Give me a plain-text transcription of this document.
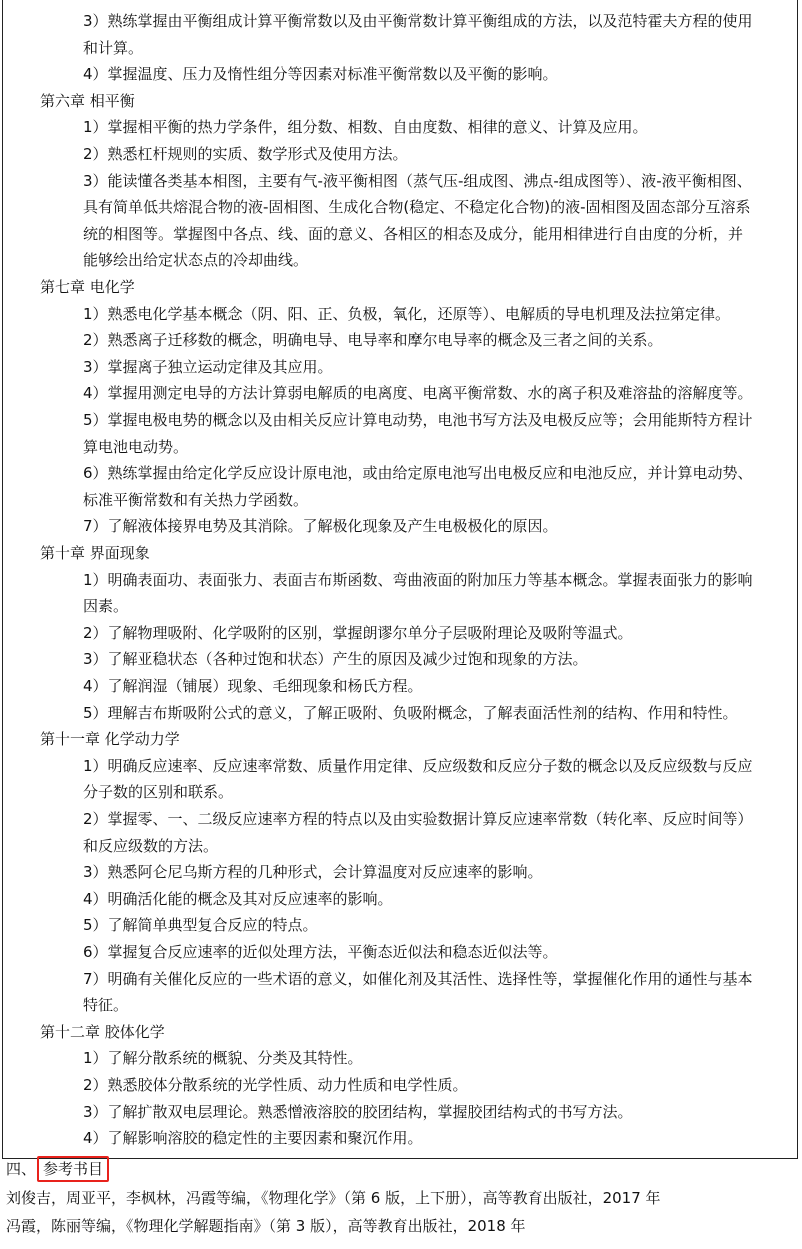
3）熟练掌握由平衡组成计算平衡常数以及由平衡常数计算平衡组成的方法，以及范特霍夫方程的使用
和计算。
4）掌握温度、压力及惰性组分等因素对标准平衡常数以及平衡的影响。
第六章 相平衡
1）掌握相平衡的热力学条件，组分数、相数、自由度数、相律的意义、计算及应用。
2）熟悉杠杆规则的实质、数学形式及使用方法。
3）能读懂各类基本相图，主要有气-液平衡相图（蒸气压-组成图、沸点-组成图等）、液-液平衡相图、
具有简单低共熔混合物的液-固相图、生成化合物(稳定、不稳定化合物)的液-固相图及固态部分互溶系
统的相图等。掌握图中各点、线、面的意义、各相区的相态及成分，能用相律进行自由度的分析，并
能够绘出给定状态点的冷却曲线。
第七章 电化学
1）熟悉电化学基本概念（阴、阳、正、负极，氧化，还原等）、电解质的导电机理及法拉第定律。
2）熟悉离子迁移数的概念，明确电导、电导率和摩尔电导率的概念及三者之间的关系。
3）掌握离子独立运动定律及其应用。
4）掌握用测定电导的方法计算弱电解质的电离度、电离平衡常数、水的离子积及难溶盐的溶解度等。
5）掌握电极电势的概念以及由相关反应计算电动势，电池书写方法及电极反应等；会用能斯特方程计
算电池电动势。
6）熟练掌握由给定化学反应设计原电池，或由给定原电池写出电极反应和电池反应，并计算电动势、
标准平衡常数和有关热力学函数。
7）了解液体接界电势及其消除。了解极化现象及产生电极极化的原因。
第十章 界面现象
1）明确表面功、表面张力、表面吉布斯函数、弯曲液面的附加压力等基本概念。掌握表面张力的影响
因素。
2）了解物理吸附、化学吸附的区别，掌握朗谬尔单分子层吸附理论及吸附等温式。
3）了解亚稳状态（各种过饱和状态）产生的原因及减少过饱和现象的方法。
4）了解润湿（铺展）现象、毛细现象和杨氏方程。
5）理解吉布斯吸附公式的意义，了解正吸附、负吸附概念，了解表面活性剂的结构、作用和特性。
第十一章 化学动力学
1）明确反应速率、反应速率常数、质量作用定律、反应级数和反应分子数的概念以及反应级数与反应
分子数的区别和联系。
2）掌握零、一、二级反应速率方程的特点以及由实验数据计算反应速率常数（转化率、反应时间等）
和反应级数的方法。
3）熟悉阿仑尼乌斯方程的几种形式，会计算温度对反应速率的影响。
4）明确活化能的概念及其对反应速率的影响。
5）了解简单典型复合反应的特点。
6）掌握复合反应速率的近似处理方法，平衡态近似法和稳态近似法等。
7）明确有关催化反应的一些术语的意义，如催化剂及其活性、选择性等，掌握催化作用的通性与基本
特征。
第十二章 胶体化学
1）了解分散系统的概貌、分类及其特性。
2）熟悉胶体分散系统的光学性质、动力性质和电学性质。
3）了解扩散双电层理论。熟悉憎液溶胶的胶团结构，掌握胶团结构式的书写方法。
4）了解影响溶胶的稳定性的主要因素和聚沉作用。
四、 参考书目
刘俊吉，周亚平，李枫林，冯霞等编，《物理化学》（第 6 版，上下册），高等教育出版社，2017 年
冯霞，陈丽等编，《物理化学解题指南》（第 3 版），高等教育出版社，2018 年
